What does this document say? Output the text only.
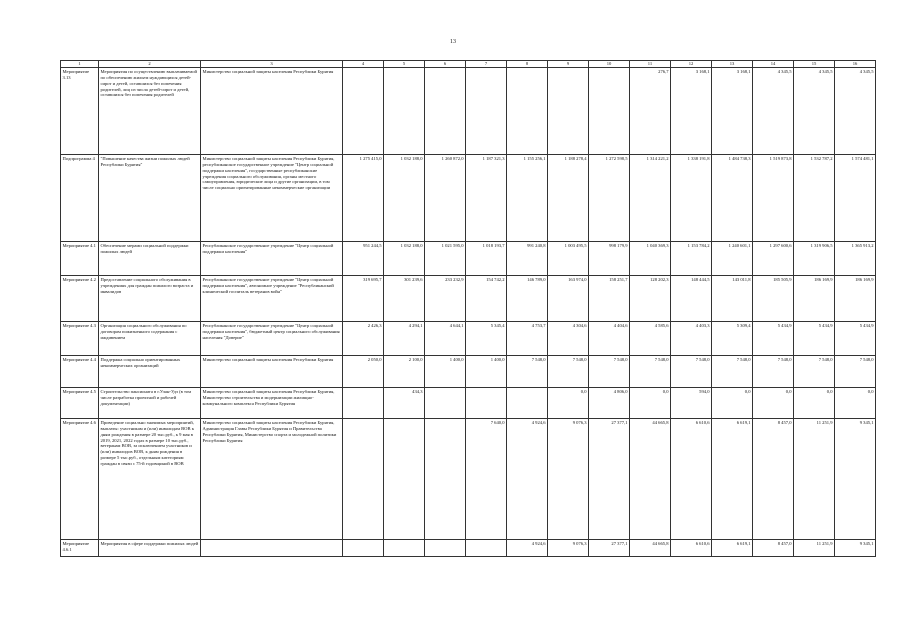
13
1	2	3	4	5	6	7	8	9	10	11	12	13	14	15	16
Мероприятие 3.13	Мероприятия по осуществлению выплачиваемой по обеспечению жильем нуждающихся детей-сирот и детей, оставшихся без попечения родителей, лиц из числа детей-сирот и детей, оставшихся без попечения родителей	Министерство социальной защиты населения Республики Бурятия								276,7	3 168,1	3 168,1	4 345,5	4 345,5	4 345,5
Подпрограмма 4	"Повышение качества жизни пожилых людей Республики Бурятия"	Министерство социальной защиты населения Республики Бурятия, республиканское государственное учреждение "Центр социальной поддержки населения", государственные республиканские учреждения социального обслуживания, органы местного самоуправления, юридические лица и другие организации, в том числе социально ориентированные некоммерческие организации	1 275 415,0	1 032 188,0	1 260 872,0	1 187 321,3	1 155 256,1	1 188 278,4	1 272 598,5	1 314 221,2	1 338 191,8	1 484 738,3	1 519 873,8	1 532 787,2	1 574 481,1
Мероприятие 4.1	Обеспечение мерами социальной поддержки пожилых людей	Республиканское государственное учреждение "Центр социальной поддержки населения"	951 244,5	1 032 188,0	1 021 595,0	1 018 193,7	991 240,8	1 003 495,5	998 179,9	1 040 369,3	1 153 784,2	1 240 601,1	1 297 600,6	1 319 906,5	1 365 913,2
Мероприятие 4.2	Предоставление социального обслуживания в учреждениях для граждан пожилого возраста и инвалидов	Республиканское государственное учреждение "Центр социальной поддержки населения", автономное учреждение "Республиканский клинический госпиталь ветеранов войн"	319 695,7	301 239,6	233 232,9	154 742,2	146 789,0	163 974,0	158 251,7	128 202,3	148 444,5	143 011,8	185 505,9	186 169,9	186 169,9
Мероприятие 4.3	Организация социального обслуживания по договорам пожизненного содержания с иждивением	Республиканское государственное учреждение "Центр социальной поддержки населения", бюджетный центр социального обслуживания населения "Доверие"	2 426,3	4 294,1	4 644,1	5 345,4	4 753,7	4 304,6	4 404,6	4 585,6	4 403,3	5 309,4	5 434,9	5 434,9	5 434,9
Мероприятие 4.4	Поддержка социально ориентированных некоммерческих организаций	Министерство социальной защиты населения Республики Бурятия	2 050,0	2 100,0	1 400,0	1 400,0	7 548,0	7 548,0	7 548,0	7 548,0	7 548,0	7 548,0	7 548,0	7 548,0	7 548,0
Мероприятие 4.5	Строительство пансионата в г.Улан-Удэ (в том числе разработка проектной и рабочей документации)	Министерство социальной защиты населения Республики Бурятия, Министерство строительства и модернизации жилищно-коммунального комплекса Республики Бурятия		434,3				0,0	4 806,0	0,0	594,0	0,0	0,0	0,0	0,0
Мероприятие 4.6	Проведение социально значимых мероприятий, выплаты: участникам и (или) инвалидам ВОВ к дням рождения в размере 20 тыс.руб., к 9 мая в 2019, 2021, 2022 годах в размере 10 тыс.руб., ветеранам ВОВ, за исключением участников и (или) инвалидов ВОВ, к дням рождения в размере 5 тыс.руб., отдельным категориям граждан в связи с 75-й годовщиной в ВОВ	Министерство социальной защиты населения Республики Бурятия, Администрация Главы Республики Бурятия и Правительства Республики Бурятия, Министерство спорта и молодежной политики Республики Бурятия				7 640,0	4 924,6	9 076,3	27 377,1	44 665,8	6 610,6	6 619,1	8 457,0	11 251,9	9 345,1
Мероприятие 4.6.1	Мероприятия в сфере поддержки пожилых людей						4 924,6	9 076,3	27 377,1	44 665,8	6 610,6	6 619,1	8 457,0	11 251,9	9 345,1
